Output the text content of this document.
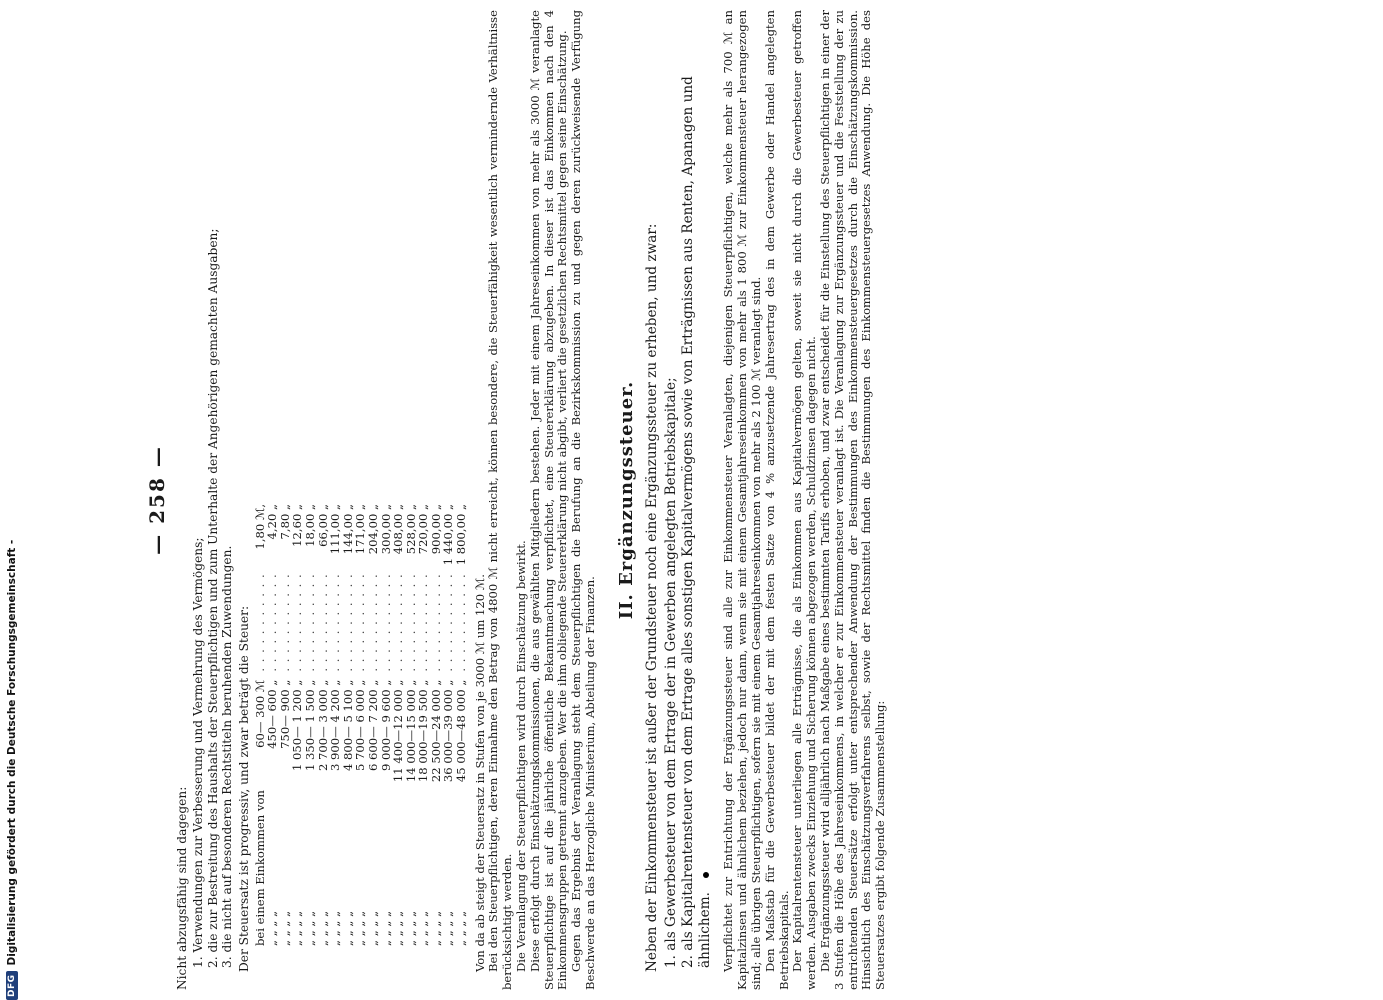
DFG
Digitalisierung gefördert durch die Deutsche Forschungsgemeinschaft -
— 258 —

Nicht abzugsfähig sind dagegen: 1. Verwendungen zur Verbesserung und Vermehrung des Vermögens; 2. die zur Bestreitung des Haushalts der Steuerpflichtigen und zum Unterhalte der Angehörigen gemachten Ausgaben; 3. die nicht auf besonderen Rechtstiteln beruhenden Zuwendungen. Der Steuersatz ist progressiv, und zwar beträgt die Steuer: bei einem Einkommen von	60— 300 ℳ	. . . . . . . . . . .	1,80 ℳ,
„ „ „ „	450— 600 „	. . . . . . . . . . .	4,20 „
„ „ „ „	750— 900 „	. . . . . . . . . . .	7,80 „
„ „ „ „	1 050— 1 200 „	. . . . . . . . . . .	12,60 „
„ „ „ „	1 350— 1 500 „	. . . . . . . . . . .	18,00 „
„ „ „ „	2 700— 3 000 „	. . . . . . . . . . .	66,00 „
„ „ „ „	3 900— 4 200 „	. . . . . . . . . . .	111,00 „
„ „ „ „	4 800— 5 100 „	. . . . . . . . . . .	144,00 „
„ „ „ „	5 700— 6 000 „	. . . . . . . . . . .	171,00 „
„ „ „ „	6 600— 7 200 „	. . . . . . . . . . .	204,00 „
„ „ „ „	9 000— 9 600 „	. . . . . . . . . . .	300,00 „
„ „ „ „	11 400—12 000 „	. . . . . . . . . . .	408,00 „
„ „ „ „	14 000—15 000 „	. . . . . . . . . . .	528,00 „
„ „ „ „	18 000—19 500 „	. . . . . . . . . . .	720,00 „
„ „ „ „	22 500—24 000 „	. . . . . . . . . . .	900,00 „
„ „ „ „	36 000—39 000 „	. . . . . . . . . . .	1 440,00 „
„ „ „ „	45 000—48 000 „	. . . . . . . . . . .	1 800,00 „

Von da ab steigt der Steuersatz in Stufen von je 3000 ℳ um 120 ℳ. Bei den Steuerpflichtigen, deren Einnahme den Betrag von 4800 ℳ nicht erreicht, können besondere, die Steuerfähigkeit wesentlich vermindernde Verhältnisse berücksichtigt werden. Die Veranlagung der Steuerpflichtigen wird durch Einschätzung bewirkt. Diese erfolgt durch Einschätzungskommissionen, die aus gewählten Mitgliedern bestehen. Jeder mit einem Jahreseinkommen von mehr als 3000 ℳ veranlagte Steuerpflichtige ist auf die jährliche öffentliche Bekanntmachung verpflichtet, eine Steuererklärung abzugeben. In dieser ist das Einkommen nach den 4 Einkommensgruppen getrennt anzugeben. Wer die ihm obliegende Steuererklärung nicht abgibt, verliert die gesetzlichen Rechtsmittel gegen seine Einschätzung. Gegen das Ergebnis der Veranlagung steht dem Steuerpflichtigen die Berufung an die Bezirkskommission zu und gegen deren zurückweisende Verfügung Beschwerde an das Herzogliche Ministerium, Abteilung der Finanzen.

II. Ergänzungssteuer. Neben der Einkommensteuer ist außer der Grundsteuer noch eine Ergänzungssteuer zu erheben, und zwar: 1. als Gewerbesteuer von dem Ertrage der in Gewerben angelegten Betriebskapitale; 2. als Kapitalrentensteuer von dem Ertrage alles sonstigen Kapitalvermögens sowie von Erträgnissen aus Renten, Apanagen und ähnlichem. Verpflichtet zur Entrichtung der Ergänzungssteuer sind alle zur Einkommensteuer Veranlagten, diejenigen Steuerpflichtigen, welche mehr als 700 ℳ an Kapitalzinsen und ähnlichem beziehen, jedoch nur dann, wenn sie mit einem Gesamtjahreseinkommen von mehr als 1 800 ℳ zur Einkommensteuer herangezogen sind; alle übrigen Steuerpflichtigen, sofern sie mit einem Gesamtjahreseinkommen von mehr als 2 100 ℳ veranlagt sind. Den Maßstab für die Gewerbesteuer bildet der mit dem festen Satze von 4 % anzusetzende Jahresertrag des in dem Gewerbe oder Handel angelegten Betriebskapitals. Der Kapitalrentensteuer unterliegen alle Erträgnisse, die als Einkommen aus Kapitalvermögen gelten, soweit sie nicht durch die Gewerbesteuer getroffen werden. Ausgaben zwecks Einziehung und Sicherung können abgezogen werden, Schuldzinsen dagegen nicht. Die Ergänzungssteuer wird alljährlich nach Maßgabe eines bestimmten Tarifs erhoben, und zwar entscheidet für die Einstellung des Steuerpflichtigen in einer der 3 Stufen die Höhe des Jahreseinkommens, in welcher er zur Einkommensteuer veranlagt ist. Die Veranlagung zur Ergänzungssteuer und die Feststellung der zu entrichtenden Steuersätze erfolgt unter entsprechender Anwendung der Bestimmungen des Einkommensteuergesetzes durch die Einschätzungskommission. Hinsichtlich des Einschätzungsverfahrens selbst, sowie der Rechtsmittel finden die Bestimmungen des Einkommensteuergesetzes Anwendung. Die Höhe des Steuersatzes ergibt folgende Zusammenstellung:
